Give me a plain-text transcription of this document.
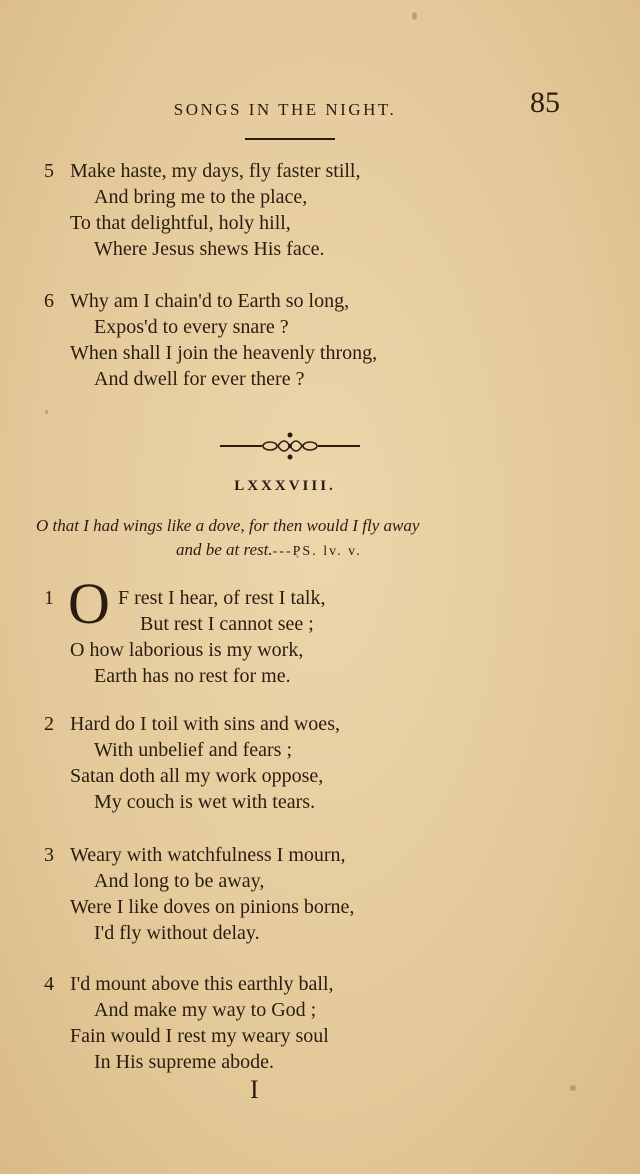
SONGS IN THE NIGHT.	85
5 Make haste, my days, fly faster still,
And bring me to the place,
To that delightful, holy hill,
Where Jesus shews His face.
6 Why am I chain'd to Earth so long,
Expos'd to every snare ?
When shall I join the heavenly throng,
And dwell for ever there ?
LXXXVIII.
O that I had wings like a dove, for then would I fly away
and be at rest.---PS. lv. v.
O
1	F rest I hear, of rest I talk,
But rest I cannot see ;
O how laborious is my work,
Earth has no rest for me.
2 Hard do I toil with sins and woes,
With unbelief and fears ;
Satan doth all my work oppose,
My couch is wet with tears.
3 Weary with watchfulness I mourn,
And long to be away,
Were I like doves on pinions borne,
I'd fly without delay.
4 I'd mount above this earthly ball,
And make my way to God ;
Fain would I rest my weary soul
In His supreme abode.
I
